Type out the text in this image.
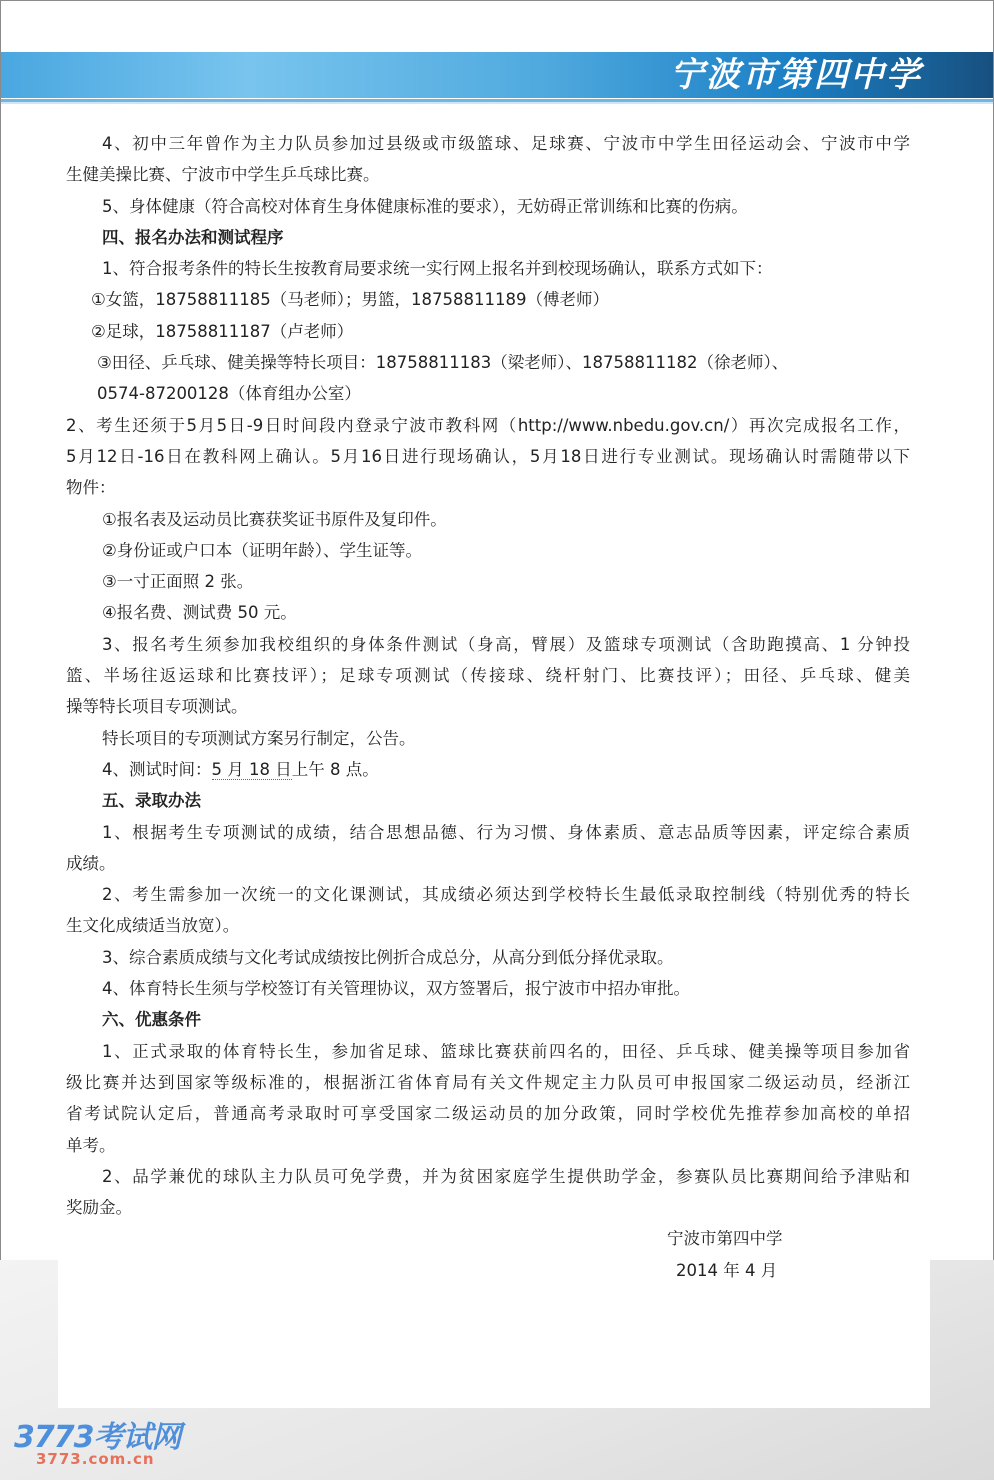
宁波市第四中学
4、初中三年曾作为主力队员参加过县级或市级篮球、足球赛、宁波市中学生田径运动会、宁波市中学
生健美操比赛、宁波市中学生乒乓球比赛。
5、身体健康（符合高校对体育生身体健康标准的要求），无妨碍正常训练和比赛的伤病。
四、报名办法和测试程序
1、符合报考条件的特长生按教育局要求统一实行网上报名并到校现场确认，联系方式如下：
①女篮，18758811185（马老师）；男篮，18758811189（傅老师）
②足球，18758811187（卢老师）
③田径、乒乓球、健美操等特长项目：18758811183（梁老师）、18758811182（徐老师）、
0574-87200128（体育组办公室）
2、考生还须于5月5日-9日时间段内登录宁波市教科网（http://www.nbedu.gov.cn/）再次完成报名工作，
5月12日-16日在教科网上确认。5月16日进行现场确认，5月18日进行专业测试。现场确认时需随带以下
物件：
①报名表及运动员比赛获奖证书原件及复印件。
②身份证或户口本（证明年龄）、学生证等。
③一寸正面照 2 张。
④报名费、测试费 50 元。
3、报名考生须参加我校组织的身体条件测试（身高，臂展）及篮球专项测试（含助跑摸高、1 分钟投
篮、半场往返运球和比赛技评）；足球专项测试（传接球、绕杆射门、比赛技评）；田径、乒乓球、健美
操等特长项目专项测试。
特长项目的专项测试方案另行制定，公告。
4、测试时间：5 月 18 日上午 8 点。
五、录取办法
1、根据考生专项测试的成绩，结合思想品德、行为习惯、身体素质、意志品质等因素，评定综合素质
成绩。
2、考生需参加一次统一的文化课测试，其成绩必须达到学校特长生最低录取控制线（特别优秀的特长
生文化成绩适当放宽）。
3、综合素质成绩与文化考试成绩按比例折合成总分，从高分到低分择优录取。
4、体育特长生须与学校签订有关管理协议，双方签署后，报宁波市中招办审批。
六、优惠条件
1、正式录取的体育特长生，参加省足球、篮球比赛获前四名的，田径、乒乓球、健美操等项目参加省
级比赛并达到国家等级标准的，根据浙江省体育局有关文件规定主力队员可申报国家二级运动员，经浙江
省考试院认定后，普通高考录取时可享受国家二级运动员的加分政策，同时学校优先推荐参加高校的单招
单考。
2、品学兼优的球队主力队员可免学费，并为贫困家庭学生提供助学金，参赛队员比赛期间给予津贴和
奖励金。
宁波市第四中学
2014 年 4 月
3773考试网
3773.com.cn
